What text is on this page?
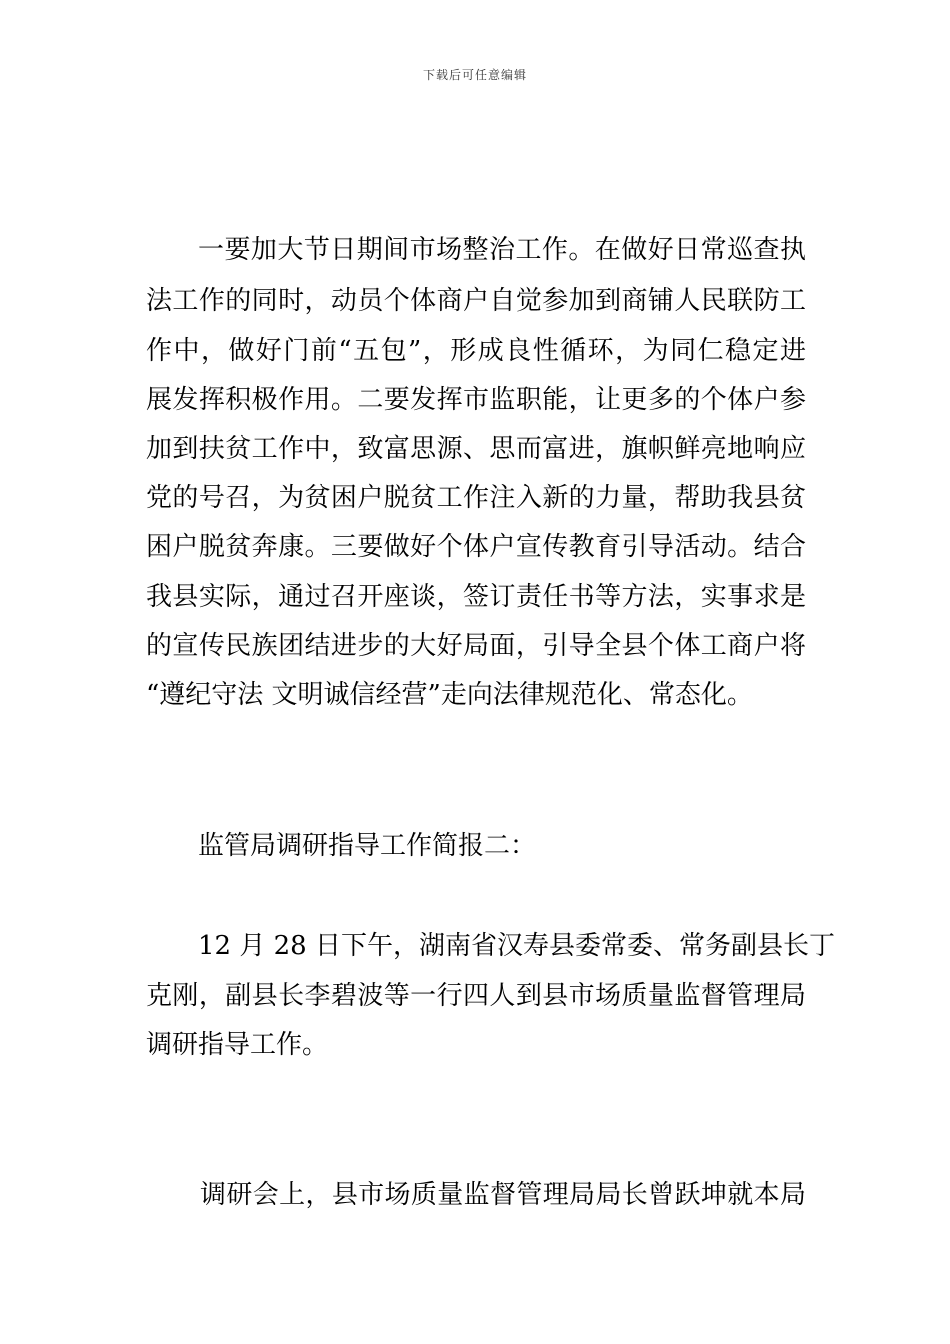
下载后可任意编辑
一要加大节日期间市场整治工作。在做好日常巡查执
法工作的同时，动员个体商户自觉参加到商铺人民联防工
作中，做好门前“五包”，形成良性循环，为同仁稳定进
展发挥积极作用。二要发挥市监职能，让更多的个体户参
加到扶贫工作中，致富思源、思而富进，旗帜鲜亮地响应
党的号召，为贫困户脱贫工作注入新的力量，帮助我县贫
困户脱贫奔康。三要做好个体户宣传教育引导活动。结合
我县实际，通过召开座谈，签订责任书等方法，实事求是
的宣传民族团结进步的大好局面，引导全县个体工商户将
“遵纪守法 文明诚信经营”走向法律规范化、常态化。
监管局调研指导工作简报二：
12 月 28 日下午，湖南省汉寿县委常委、常务副县长丁
克刚，副县长李碧波等一行四人到县市场质量监督管理局
调研指导工作。
调研会上，县市场质量监督管理局局长曾跃坤就本局
